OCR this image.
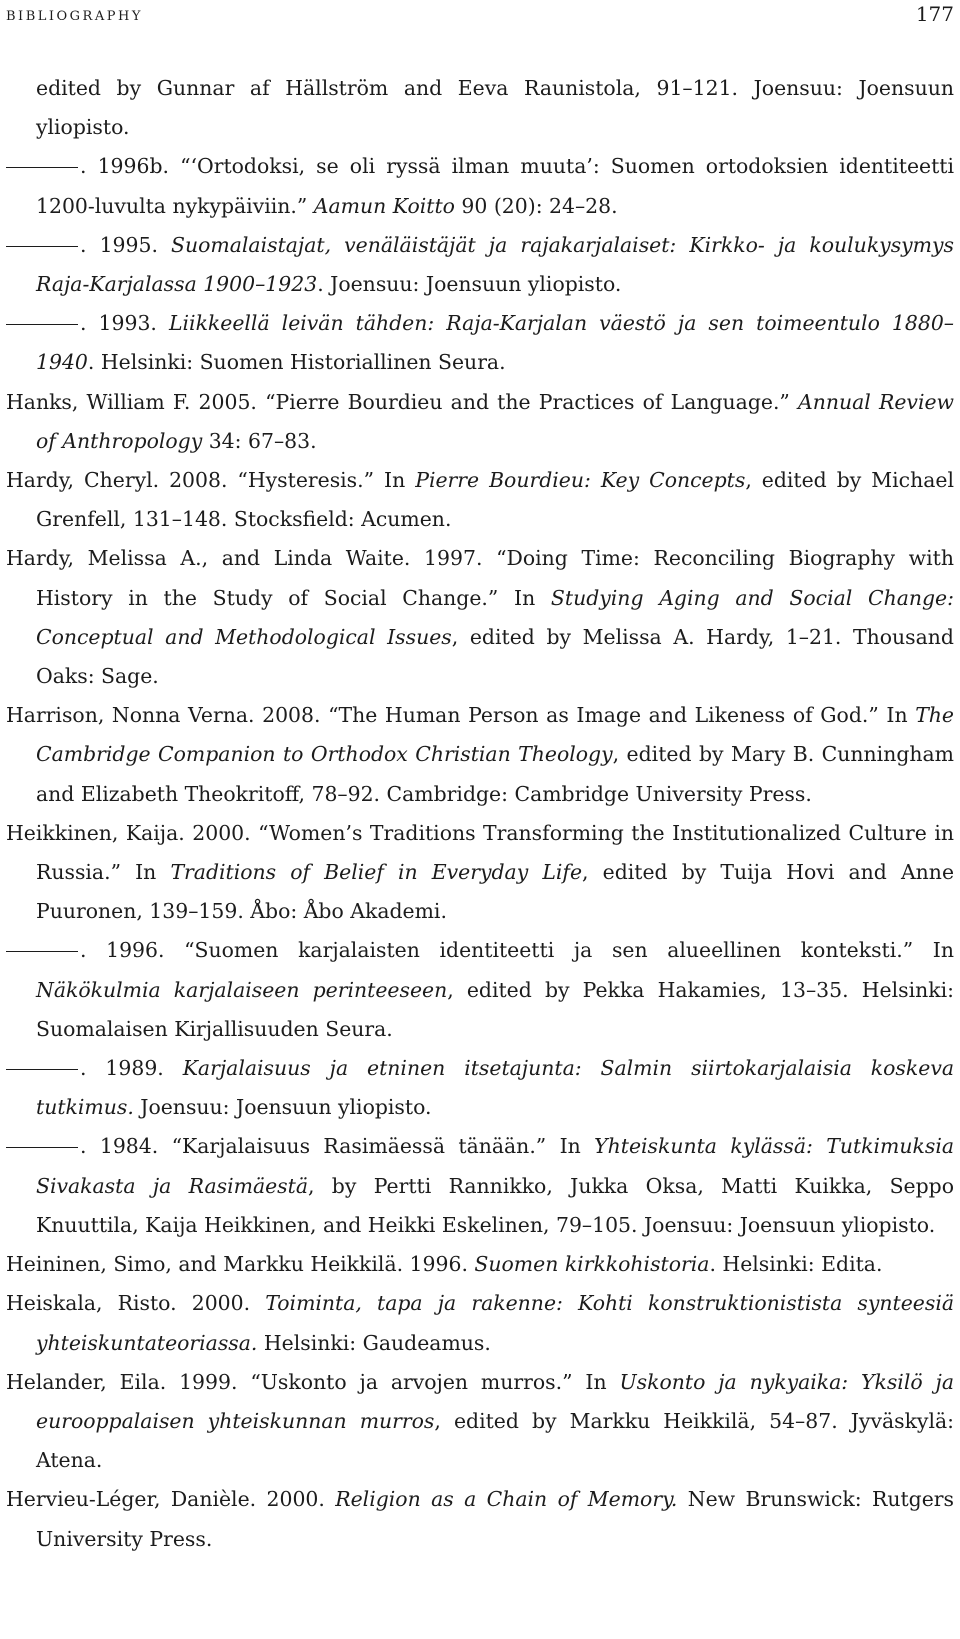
bibliography	177
edited by Gunnar af Hällström and Eeva Raunistola, 91–121. Joensuu: Joensuun yliopisto.
. 1996b. “‘Ortodoksi, se oli ryssä ilman muuta’: Suomen ortodoksien identiteetti 1200-luvulta nykypäiviin.” Aamun Koitto 90 (20): 24–28.
. 1995. Suomalaistajat, venäläistäjät ja rajakarjalaiset: Kirkko- ja koulukysymys Raja-Karjalassa 1900–1923. Joensuu: Joensuun yliopisto.
. 1993. Liikkeellä leivän tähden: Raja-Karjalan väestö ja sen toimeentulo 1880–1940. Helsinki: Suomen Historiallinen Seura.
Hanks, William F. 2005. “Pierre Bourdieu and the Practices of Language.” Annual Review of Anthropology 34: 67–83.
Hardy, Cheryl. 2008. “Hysteresis.” In Pierre Bourdieu: Key Concepts, edited by Michael Grenfell, 131–148. Stocksfield: Acumen.
Hardy, Melissa A., and Linda Waite. 1997. “Doing Time: Reconciling Biography with History in the Study of Social Change.” In Studying Aging and Social Change: Conceptual and Methodological Issues, edited by Melissa A. Hardy, 1–21. Thousand Oaks: Sage.
Harrison, Nonna Verna. 2008. “The Human Person as Image and Likeness of God.” In The Cambridge Companion to Orthodox Christian Theology, edited by Mary B. Cunningham and Elizabeth Theokritoff, 78–92. Cambridge: Cambridge University Press.
Heikkinen, Kaija. 2000. “Women’s Traditions Transforming the Institutionalized Culture in Russia.” In Traditions of Belief in Everyday Life, edited by Tuija Hovi and Anne Puuronen, 139–159. Åbo: Åbo Akademi.
. 1996. “Suomen karjalaisten identiteetti ja sen alueellinen konteksti.” In Näkökulmia karjalaiseen perinteeseen, edited by Pekka Hakamies, 13–35. Helsinki: Suomalaisen Kirjallisuuden Seura.
. 1989. Karjalaisuus ja etninen itsetajunta: Salmin siirtokarjalaisia koskeva tutkimus. Joensuu: Joensuun yliopisto.
. 1984. “Karjalaisuus Rasimäessä tänään.” In Yhteiskunta kylässä: Tutkimuksia Sivakasta ja Rasimäestä, by Pertti Rannikko, Jukka Oksa, Matti Kuikka, Seppo Knuuttila, Kaija Heikkinen, and Heikki Eskelinen, 79–105. Joensuu: Joensuun yliopisto.
Heininen, Simo, and Markku Heikkilä. 1996. Suomen kirkkohistoria. Helsinki: Edita.
Heiskala, Risto. 2000. Toiminta, tapa ja rakenne: Kohti konstruktionistista synteesiä yhteiskuntateoriassa. Helsinki: Gaudeamus.
Helander, Eila. 1999. “Uskonto ja arvojen murros.” In Uskonto ja nykyaika: Yksilö ja eurooppalaisen yhteiskunnan murros, edited by Markku Heikkilä, 54–87. Jyväskylä: Atena.
Hervieu-Léger, Danièle. 2000. Religion as a Chain of Memory. New Brunswick: Rutgers University Press.
